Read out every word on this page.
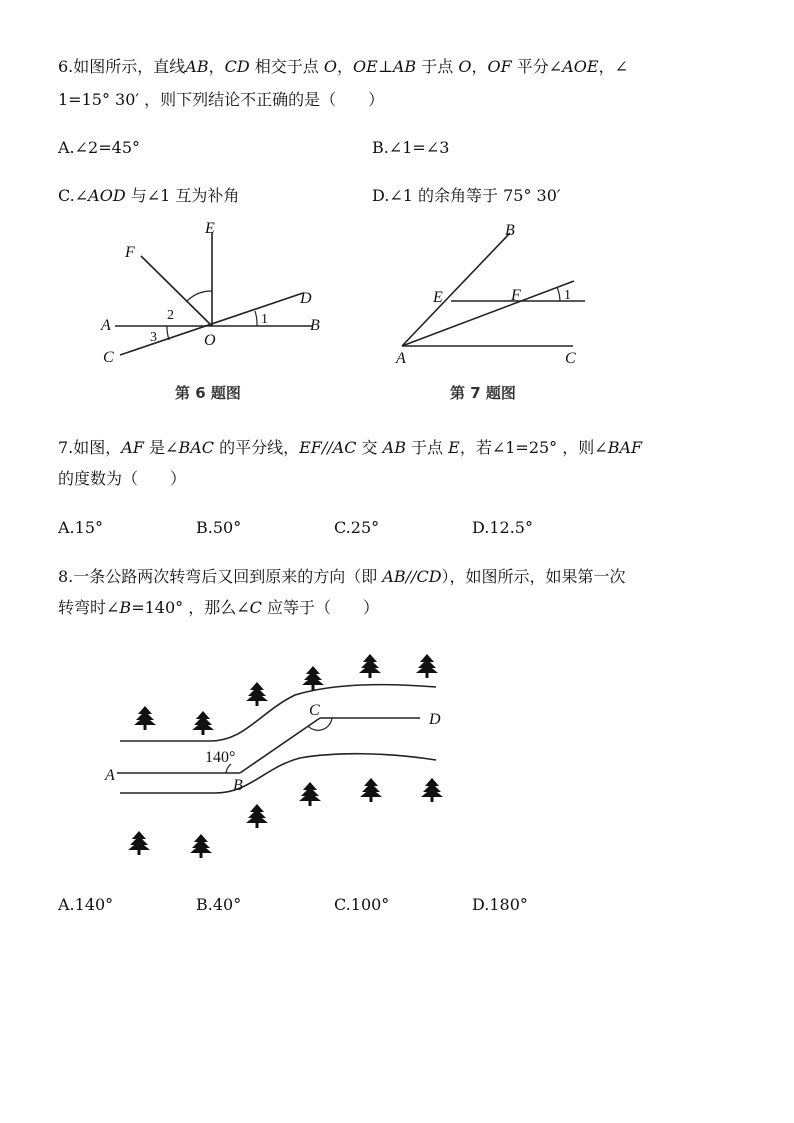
6.如图所示，直线AB，CD 相交于点 O，OE⊥AB 于点 O，OF 平分∠AOE，∠
1=15° 30′ ，则下列结论不正确的是（　　）
A.∠2=45°	B.∠1=∠3
C.∠AOD 与∠1 互为补角	D.∠1 的余角等于 75° 30′
E
F
A	B
C
D
O
1
2
3
第 6 题图
B
E	F
A	C
1
第 7 题图
7.如图，AF 是∠BAC 的平分线，EF//AC 交 AB 于点 E，若∠1=25° ，则∠BAF
的度数为（　　）
A.15°	B.50°	C.25°	D.12.5°
8.一条公路两次转弯后又回到原来的方向（即 AB//CD），如图所示，如果第一次
转弯时∠B=140° ，那么∠C 应等于（　　）
A
B
C
D
140°
A.140°	B.40°	C.100°	D.180°
